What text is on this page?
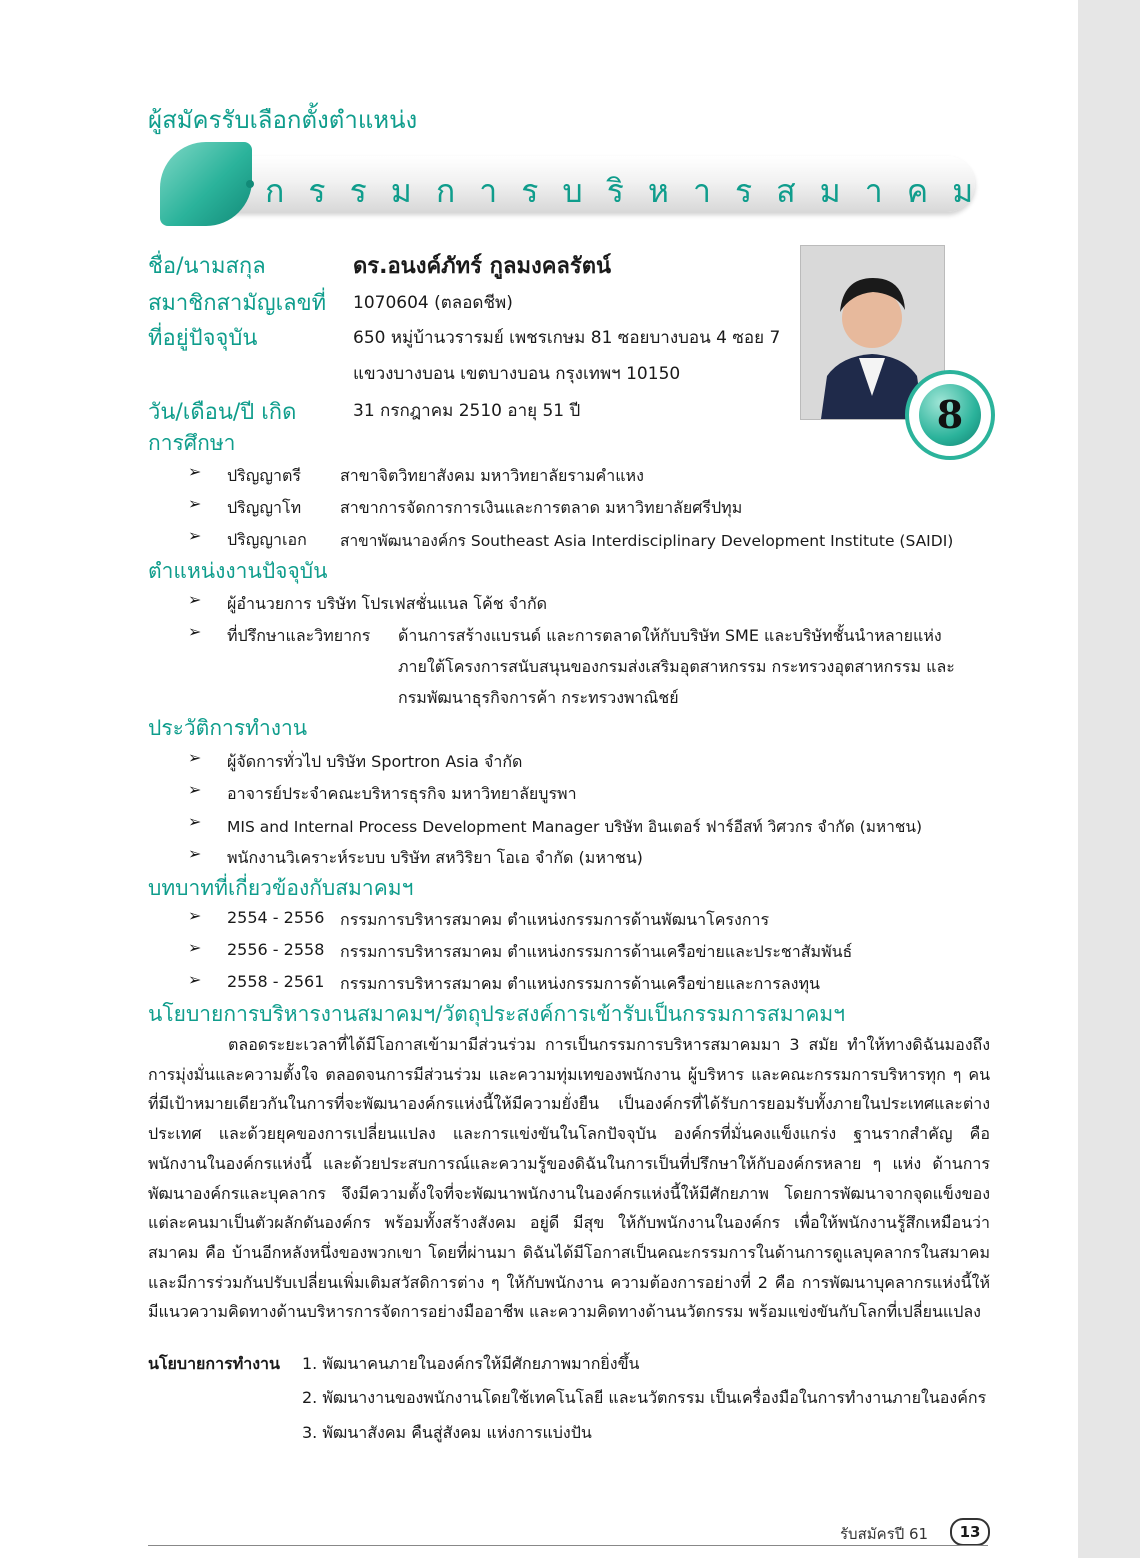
ผู้สมัครรับเลือกตั้งตำแหน่ง
กรรมการบริหารสมาคม
ชื่อ/นามสกุล	ดร.อนงค์ภัทร์ กูลมงคลรัตน์
สมาชิกสามัญเลขที่ 1070604 (ตลอดชีพ)
ที่อยู่ปัจจุบัน	650 หมู่บ้านวรารมย์ เพชรเกษม 81 ซอยบางบอน 4 ซอย 7
แขวงบางบอน เขตบางบอน กรุงเทพฯ 10150
วัน/เดือน/ปี เกิด	31 กรกฎาคม 2510 อายุ 51 ปี	8
การศึกษา
➢ ปริญญาตรี สาขาจิตวิทยาสังคม มหาวิทยาลัยรามคำแหง
➢ ปริญญาโท สาขาการจัดการการเงินและการตลาด มหาวิทยาลัยศรีปทุม
➢ ปริญญาเอก สาขาพัฒนาองค์กร Southeast Asia Interdisciplinary Development Institute (SAIDI)
ตำแหน่งงานปัจจุบัน
➢ ผู้อำนวยการ บริษัท โปรเฟสชั่นแนล โค้ช จำกัด
➢ ที่ปรึกษาและวิทยากร ด้านการสร้างแบรนด์ และการตลาดให้กับบริษัท SME และบริษัทชั้นนำหลายแห่ง
ภายใต้โครงการสนับสนุนของกรมส่งเสริมอุตสาหกรรม กระทรวงอุตสาหกรรม และ
กรมพัฒนาธุรกิจการค้า กระทรวงพาณิชย์
ประวัติการทำงาน
➢ ผู้จัดการทั่วไป บริษัท Sportron Asia จำกัด
➢ อาจารย์ประจำคณะบริหารธุรกิจ มหาวิทยาลัยบูรพา
➢ MIS and Internal Process Development Manager บริษัท อินเตอร์ ฟาร์อีสท์ วิศวกร จำกัด (มหาชน)
➢ พนักงานวิเคราะห์ระบบ บริษัท สหวิริยา โอเอ จำกัด (มหาชน)
บทบาทที่เกี่ยวข้องกับสมาคมฯ
➢ 2554 - 2556 กรรมการบริหารสมาคม ตำแหน่งกรรมการด้านพัฒนาโครงการ
➢ 2556 - 2558 กรรมการบริหารสมาคม ตำแหน่งกรรมการด้านเครือข่ายและประชาสัมพันธ์
➢ 2558 - 2561 กรรมการบริหารสมาคม ตำแหน่งกรรมการด้านเครือข่ายและการลงทุน
นโยบายการบริหารงานสมาคมฯ/วัตถุประสงค์การเข้ารับเป็นกรรมการสมาคมฯ
ตลอดระยะเวลาที่ได้มีโอกาสเข้ามามีส่วนร่วม การเป็นกรรมการบริหารสมาคมมา 3 สมัย ทำให้ทางดิฉันมองถึงการมุ่งมั่นและความตั้งใจ ตลอดจนการมีส่วนร่วม และความทุ่มเทของพนักงาน ผู้บริหาร และคณะกรรมการบริหารทุก ๆ คน ที่มีเป้าหมายเดียวกันในการที่จะพัฒนาองค์กรแห่งนี้ให้มีความยั่งยืน เป็นองค์กรที่ได้รับการยอมรับทั้งภายในประเทศและต่างประเทศ และด้วยยุคของการเปลี่ยนแปลง และการแข่งขันในโลกปัจจุบัน องค์กรที่มั่นคงแข็งแกร่ง ฐานรากสำคัญ คือ พนักงานในองค์กรแห่งนี้ และด้วยประสบการณ์และความรู้ของดิฉันในการเป็นที่ปรึกษาให้กับองค์กรหลาย ๆ แห่ง ด้านการพัฒนาองค์กรและบุคลากร จึงมีความตั้งใจที่จะพัฒนาพนักงานในองค์กรแห่งนี้ให้มีศักยภาพ โดยการพัฒนาจากจุดแข็งของแต่ละคนมาเป็นตัวผลักดันองค์กร พร้อมทั้งสร้างสังคม อยู่ดี มีสุข ให้กับพนักงานในองค์กร เพื่อให้พนักงานรู้สึกเหมือนว่าสมาคม คือ บ้านอีกหลังหนึ่งของพวกเขา โดยที่ผ่านมา ดิฉันได้มีโอกาสเป็นคณะกรรมการในด้านการดูแลบุคลากรในสมาคม และมีการร่วมกันปรับเปลี่ยนเพิ่มเติมสวัสดิการต่าง ๆ ให้กับพนักงาน ความต้องการอย่างที่ 2 คือ การพัฒนาบุคลากรแห่งนี้ให้มีแนวความคิดทางด้านบริหารการจัดการอย่างมืออาชีพ และความคิดทางด้านนวัตกรรม พร้อมแข่งขันกับโลกที่เปลี่ยนแปลง
นโยบายการทำงาน 1. พัฒนาคนภายในองค์กรให้มีศักยภาพมากยิ่งขึ้น
2. พัฒนางานของพนักงานโดยใช้เทคโนโลยี และนวัตกรรม เป็นเครื่องมือในการทำงานภายในองค์กร
3. พัฒนาสังคม คืนสู่สังคม แห่งการแบ่งปัน
รับสมัครปี 61	13
